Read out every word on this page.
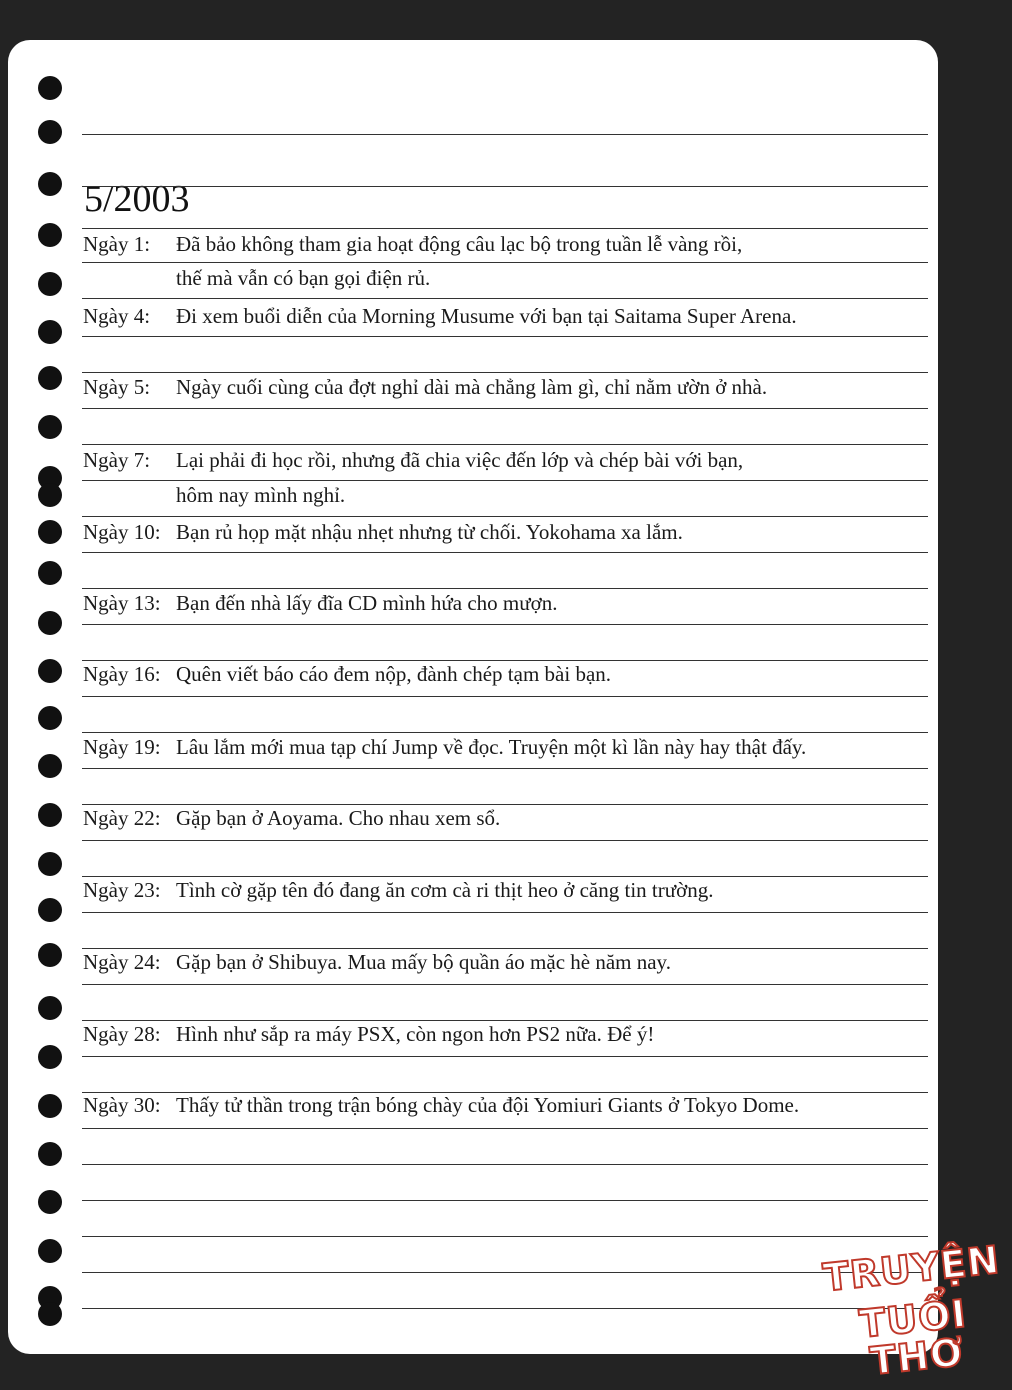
5/2003
Ngày 1: Đã bảo không tham gia hoạt động câu lạc bộ trong tuần lễ vàng rồi,
thế mà vẫn có bạn gọi điện rủ.
Ngày 4: Đi xem buổi diễn của Morning Musume với bạn tại Saitama Super Arena.
Ngày 5: Ngày cuối cùng của đợt nghỉ dài mà chẳng làm gì, chỉ nằm ườn ở nhà.
Ngày 7: Lại phải đi học rồi, nhưng đã chia việc đến lớp và chép bài với bạn,
hôm nay mình nghỉ.
Ngày 10: Bạn rủ họp mặt nhậu nhẹt nhưng từ chối. Yokohama xa lắm.
Ngày 13: Bạn đến nhà lấy đĩa CD mình hứa cho mượn.
Ngày 16: Quên viết báo cáo đem nộp, đành chép tạm bài bạn.
Ngày 19: Lâu lắm mới mua tạp chí Jump về đọc. Truyện một kì lần này hay thật đấy.
Ngày 22: Gặp bạn ở Aoyama. Cho nhau xem sổ.
Ngày 23: Tình cờ gặp tên đó đang ăn cơm cà ri thịt heo ở căng tin trường.
Ngày 24: Gặp bạn ở Shibuya. Mua mấy bộ quần áo mặc hè năm nay.
Ngày 28: Hình như sắp ra máy PSX, còn ngon hơn PS2 nữa. Để ý!
Ngày 30: Thấy tử thần trong trận bóng chày của đội Yomiuri Giants ở Tokyo Dome.
TRUYỆN
TUỔI THƠ
